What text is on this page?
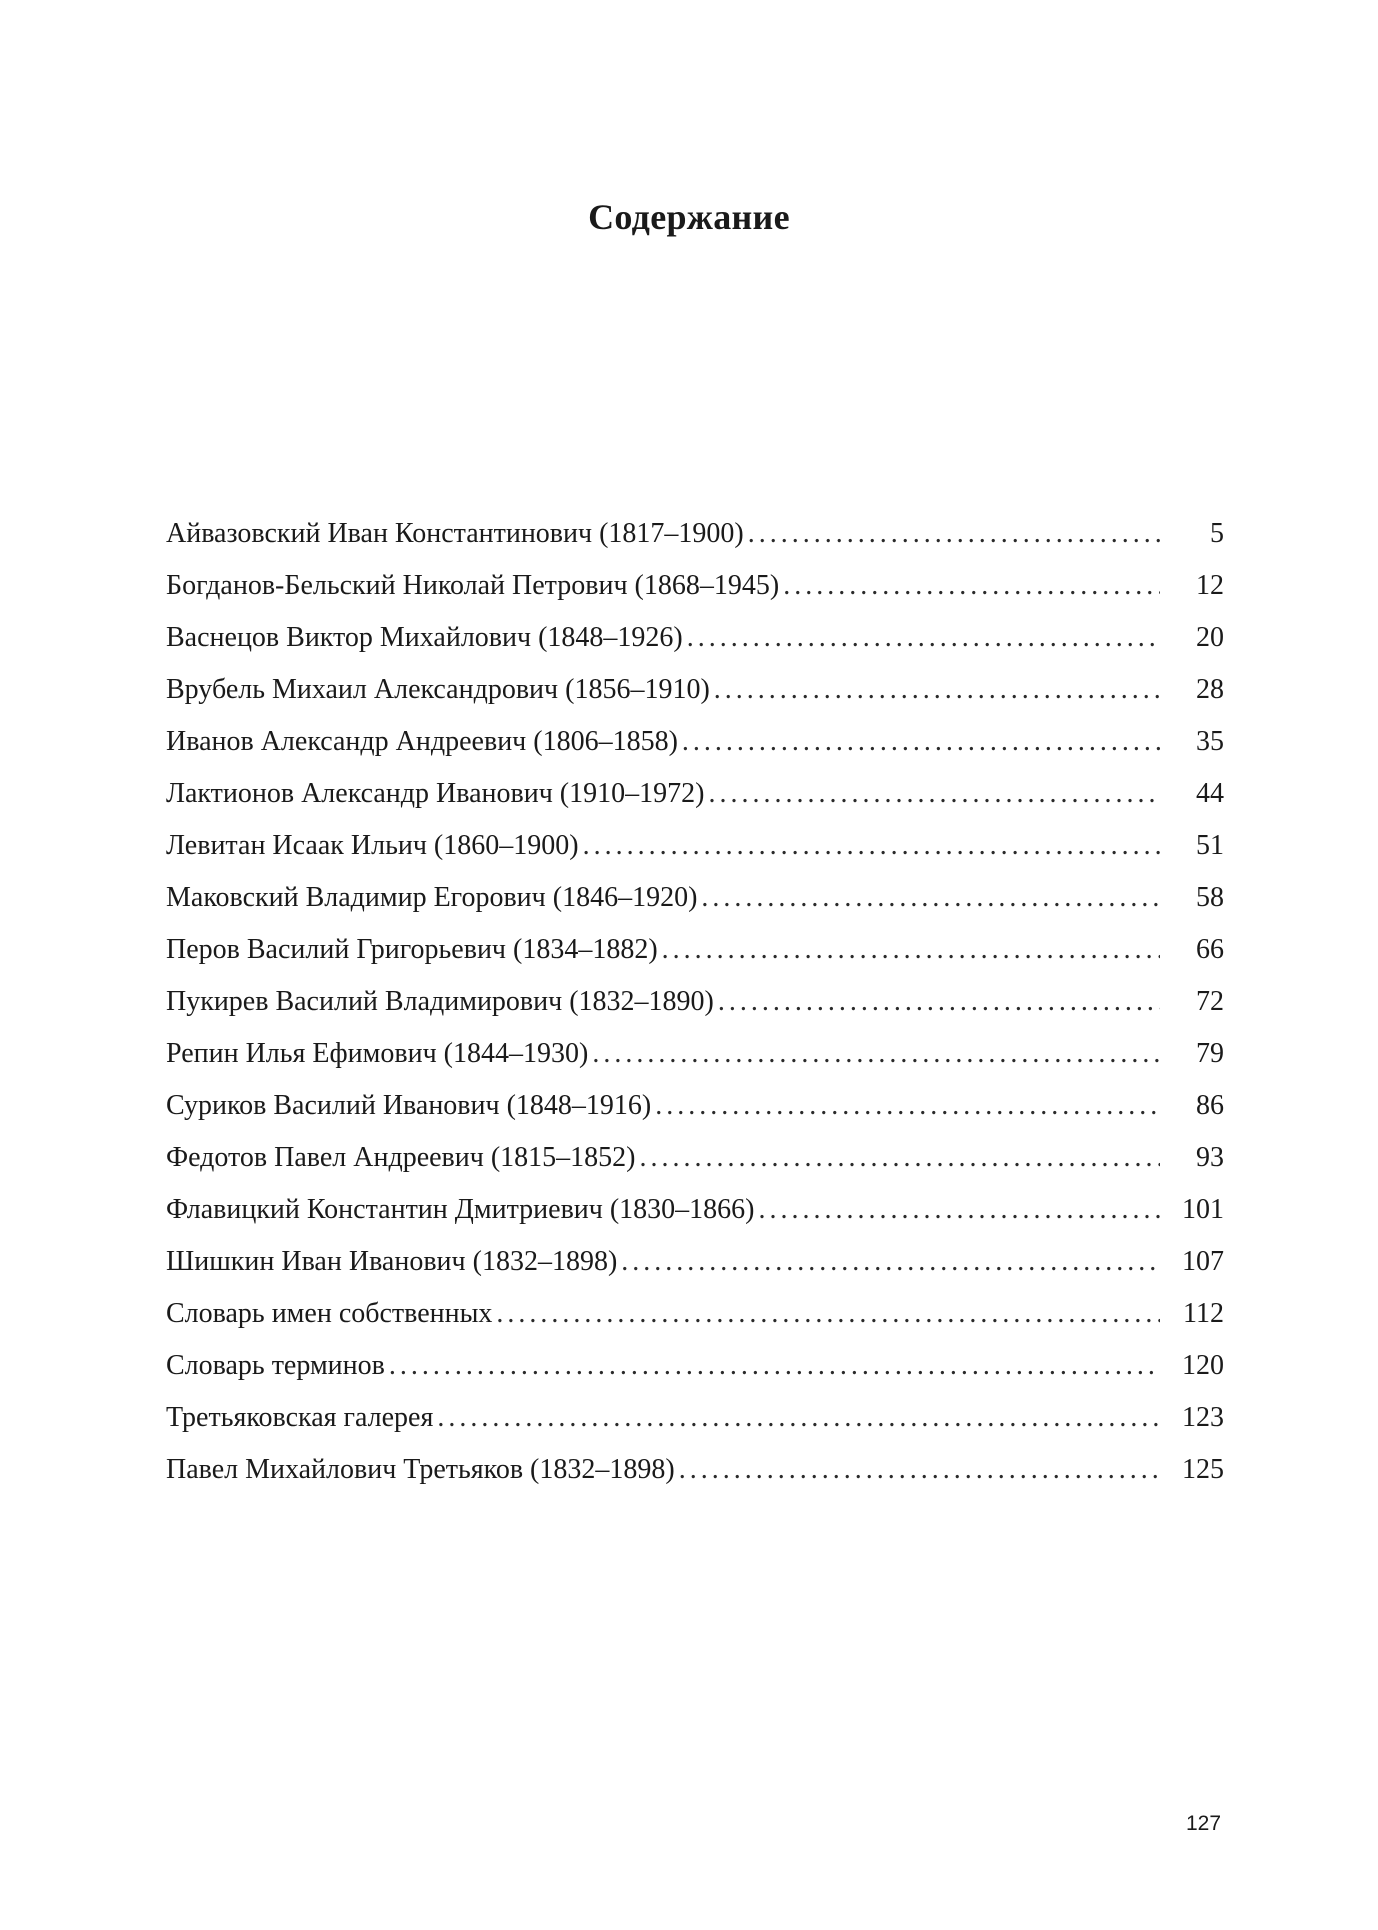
Содержание
Айвазовский Иван Константинович (1817–1900) .....	5
Богданов-Бельский Николай Петрович (1868–1945) .....	12
Васнецов Виктор Михайлович (1848–1926) .....	20
Врубель Михаил Александрович (1856–1910) .....	28
Иванов Александр Андреевич (1806–1858) .....	35
Лактионов Александр Иванович (1910–1972) .....	44
Левитан Исаак Ильич (1860–1900) .....	51
Маковский Владимир Егорович (1846–1920) .....	58
Перов Василий Григорьевич (1834–1882) .....	66
Пукирев Василий Владимирович (1832–1890) .....	72
Репин Илья Ефимович (1844–1930) .....	79
Суриков Василий Иванович (1848–1916) .....	86
Федотов Павел Андреевич (1815–1852) .....	93
Флавицкий Константин Дмитриевич (1830–1866) .....	101
Шишкин Иван Иванович (1832–1898) .....	107
Словарь имен собственных .....	112
Словарь терминов .....	120
Третьяковская галерея .....	123
Павел Михайлович Третьяков (1832–1898) .....	125
127
